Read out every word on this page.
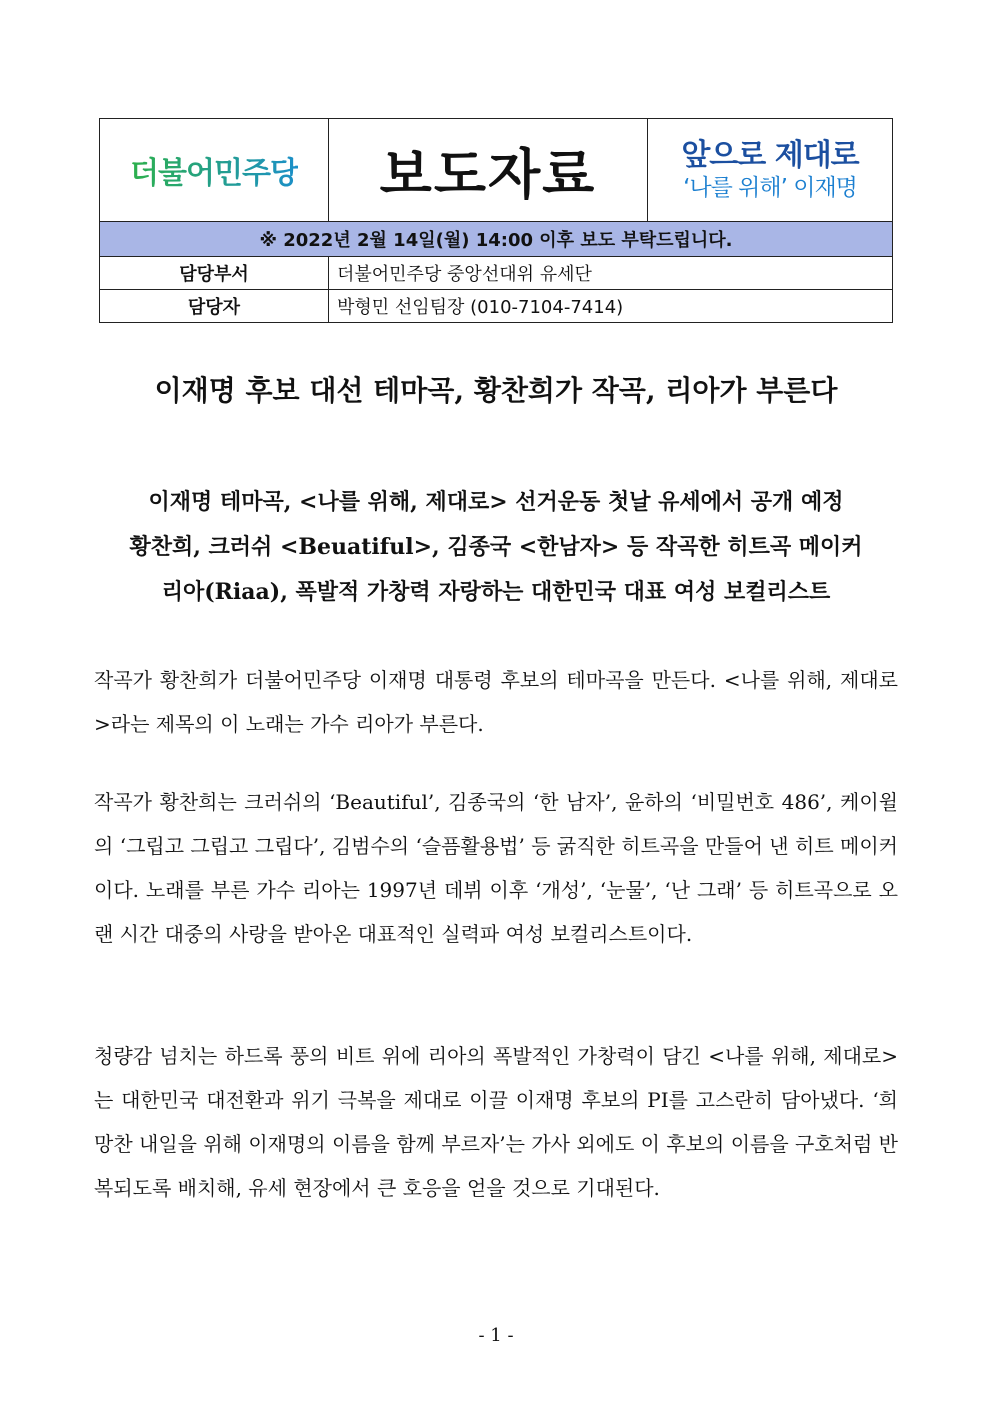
더불어민주당	보도자료	앞으로 제대로
‘나를 위해’ 이재명

※ 2022년 2월 14일(월) 14:00 이후 보도 부탁드립니다.		
담당부서	더불어민주당 중앙선대위 유세단	
담당자	박형민 선임팀장 (010-7104-7414)	
이재명 후보 대선 테마곡, 황찬희가 작곡, 리아가 부른다
이재명 테마곡, <나를 위해, 제대로> 선거운동 첫날 유세에서 공개 예정
황찬희, 크러쉬 <Beuatiful>, 김종국 <한남자> 등 작곡한 히트곡 메이커
리아(Riaa), 폭발적 가창력 자랑하는 대한민국 대표 여성 보컬리스트

작곡가 황찬희가 더불어민주당 이재명 대통령 후보의 테마곡을 만든다. <나를 위해, 제대로>라는 제목의 이 노래는 가수 리아가 부른다.

작곡가 황찬희는 크러쉬의 ‘Beautiful’, 김종국의 ‘한 남자’, 윤하의 ‘비밀번호 486’, 케이윌의 ‘그립고 그립고 그립다’, 김범수의 ‘슬픔활용법’ 등 굵직한 히트곡을 만들어 낸 히트 메이커이다. 노래를 부른 가수 리아는 1997년 데뷔 이후 ‘개성’, ‘눈물’, ‘난 그래’ 등 히트곡으로 오랜 시간 대중의 사랑을 받아온 대표적인 실력파 여성 보컬리스트이다.

청량감 넘치는 하드록 풍의 비트 위에 리아의 폭발적인 가창력이 담긴 <나를 위해, 제대로>는 대한민국 대전환과 위기 극복을 제대로 이끌 이재명 후보의 PI를 고스란히 담아냈다. ‘희망찬 내일을 위해 이재명의 이름을 함께 부르자’는 가사 외에도 이 후보의 이름을 구호처럼 반복되도록 배치해, 유세 현장에서 큰 호응을 얻을 것으로 기대된다.

- 1 -
